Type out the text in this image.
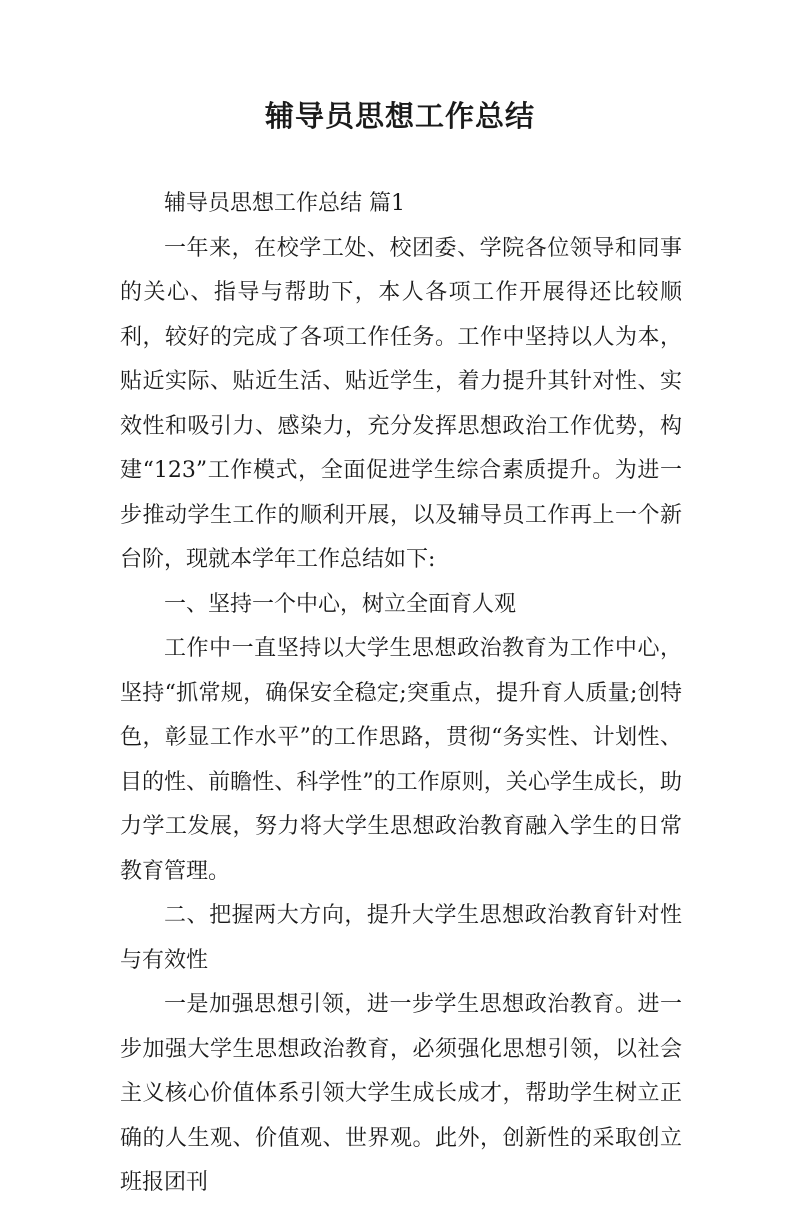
辅导员思想工作总结

辅导员思想工作总结 篇1

一年来，在校学工处、校团委、学院各位领导和同事的关心、指导与帮助下，本人各项工作开展得还比较顺利，较好的完成了各项工作任务。工作中坚持以人为本，贴近实际、贴近生活、贴近学生，着力提升其针对性、实效性和吸引力、感染力，充分发挥思想政治工作优势，构建“123”工作模式，全面促进学生综合素质提升。为进一步推动学生工作的顺利开展，以及辅导员工作再上一个新台阶，现就本学年工作总结如下:

一、坚持一个中心，树立全面育人观

工作中一直坚持以大学生思想政治教育为工作中心，坚持“抓常规，确保安全稳定;突重点，提升育人质量;创特色，彰显工作水平”的工作思路，贯彻“务实性、计划性、目的性、前瞻性、科学性”的工作原则，关心学生成长，助力学工发展，努力将大学生思想政治教育融入学生的日常教育管理。

二、把握两大方向，提升大学生思想政治教育针对性与有效性

一是加强思想引领，进一步学生思想政治教育。进一步加强大学生思想政治教育，必须强化思想引领，以社会主义核心价值体系引领大学生成长成才，帮助学生树立正确的人生观、价值观、世界观。此外，创新性的采取创立班报团刊
